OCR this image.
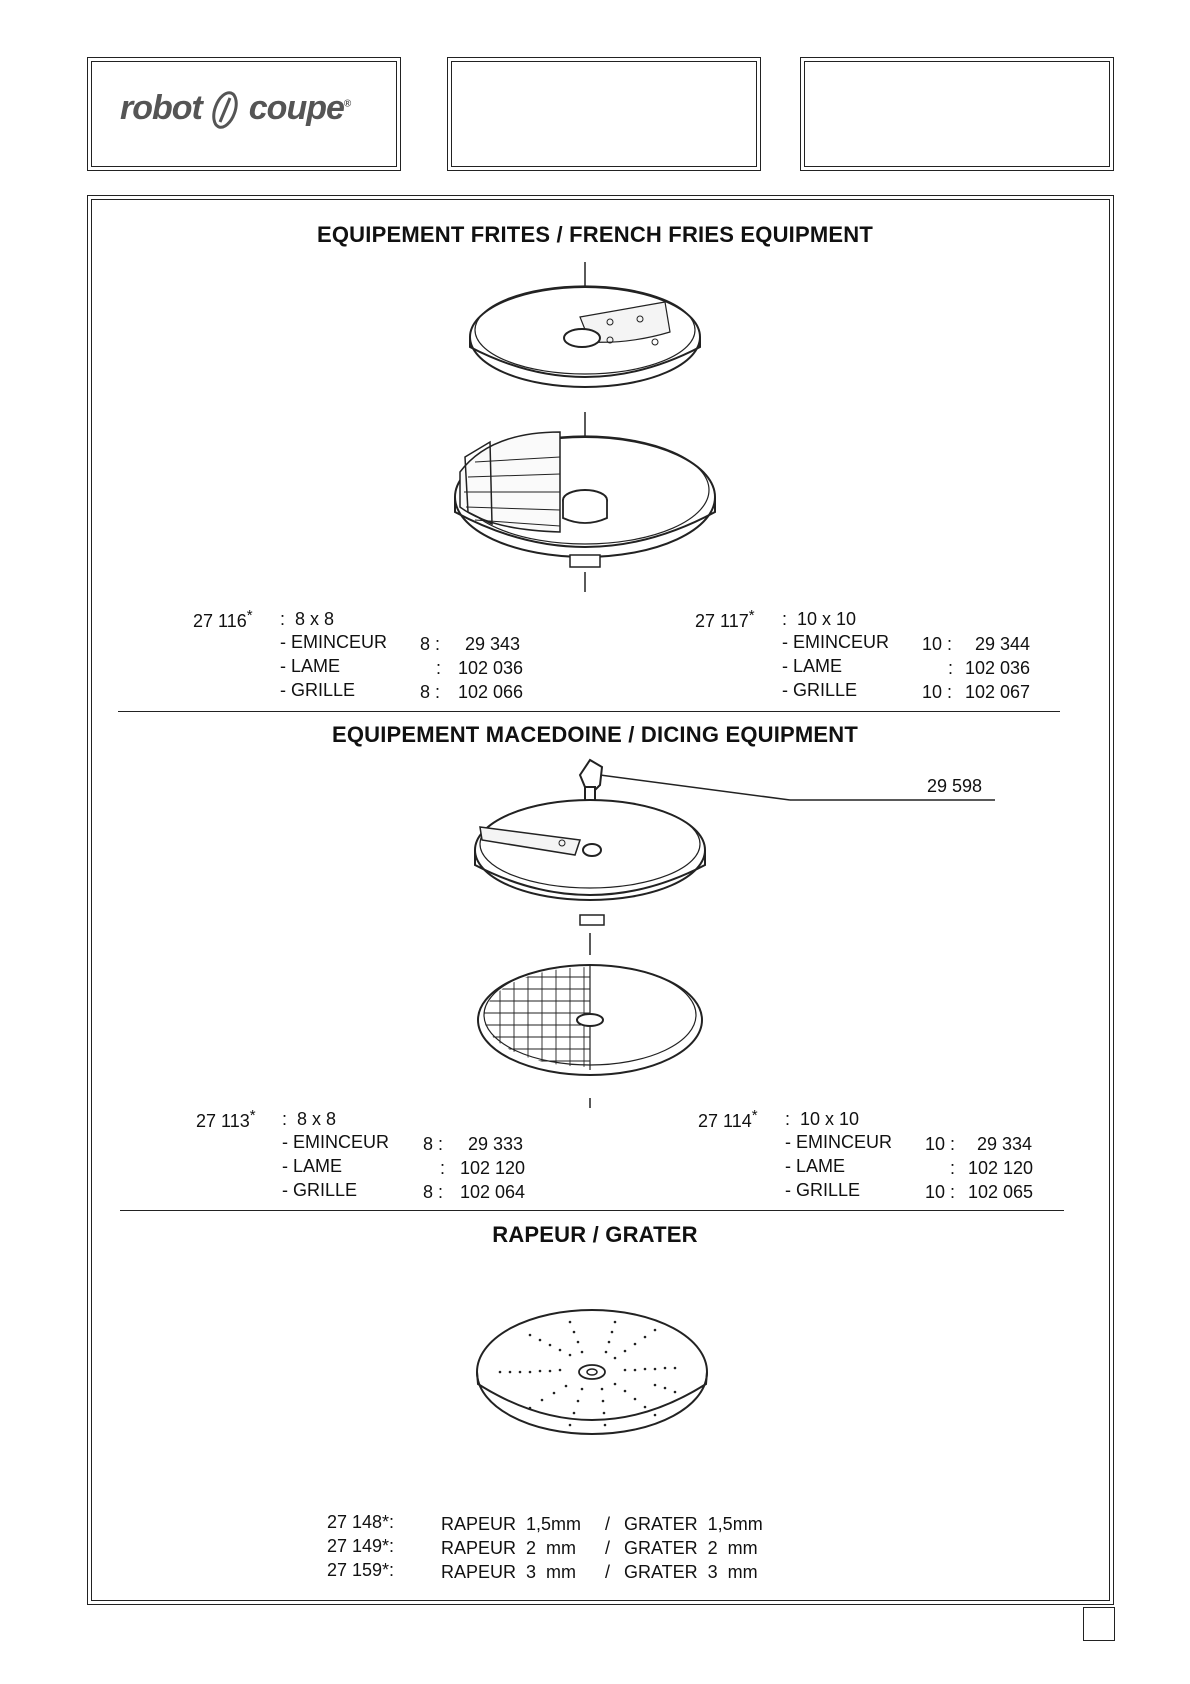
robot coupe®
EQUIPEMENT FRITES / FRENCH FRIES EQUIPMENT
27 116* :  8 x 8
- EMINCEUR 8 : 29 343
- LAME	: 102 036
- GRILLE	8 : 102 066
27 117* :  10 x 10
- EMINCEUR 10 : 29 344
- LAME	: 102 036
- GRILLE	10 : 102 067
EQUIPEMENT MACEDOINE / DICING EQUIPMENT
29 598
27 113* :  8 x 8
- EMINCEUR 8 : 29 333
- LAME	: 102 120
- GRILLE	8 : 102 064
27 114* :  10 x 10
- EMINCEUR 10 : 29 334
- LAME	: 102 120
- GRILLE	10 : 102 065
RAPEUR / GRATER
27 148*:	RAPEUR  1,5mm / GRATER  1,5mm
27 149*:	RAPEUR  2  mm / GRATER  2  mm
27 159*:	RAPEUR  3  mm / GRATER  3  mm
